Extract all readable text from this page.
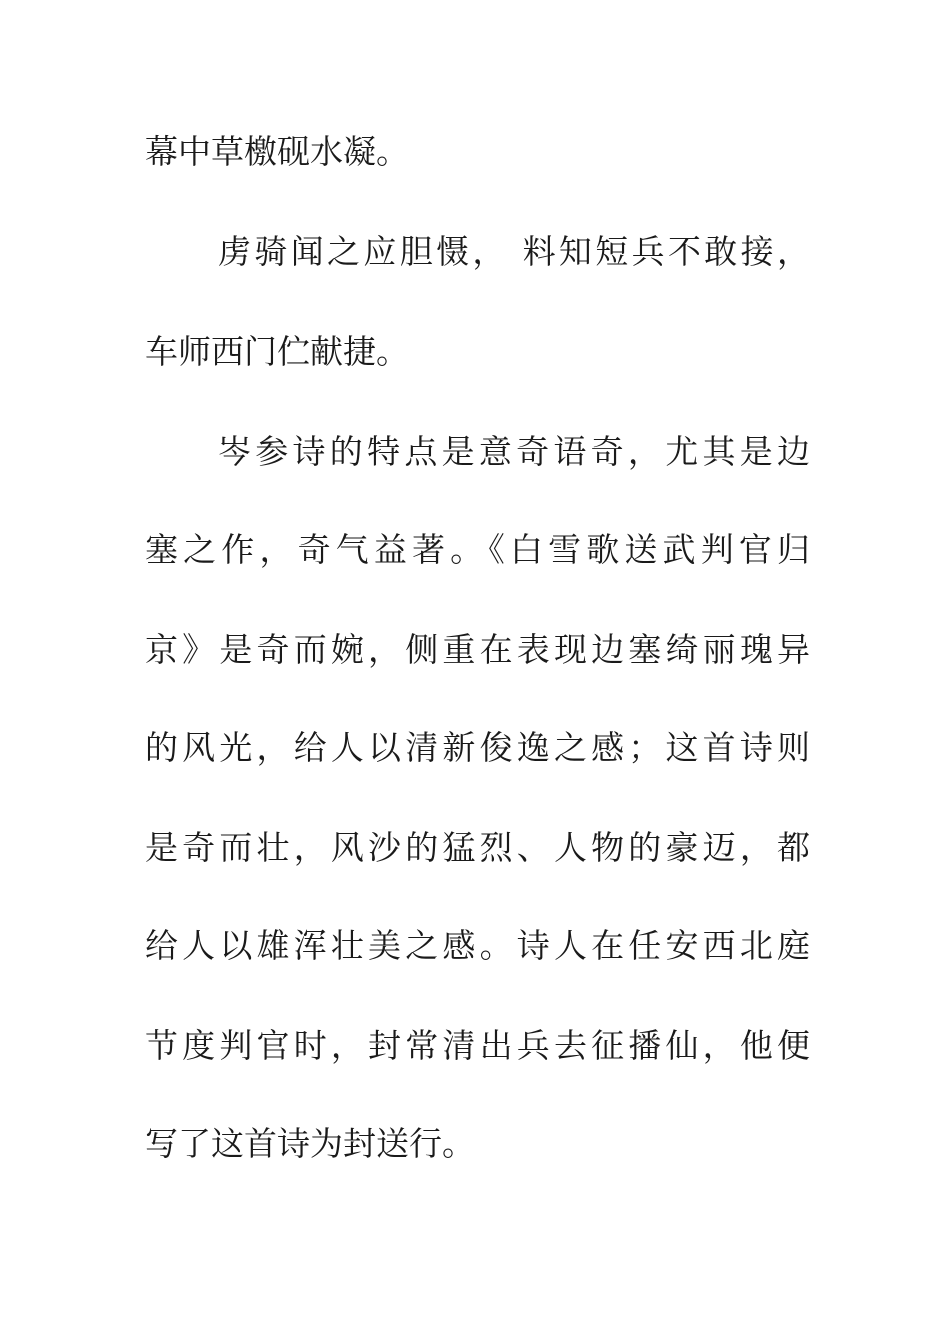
幕中草檄砚水凝。
虏骑闻之应胆慑， 料知短兵不敢接，
车师西门伫献捷。
岑参诗的特点是意奇语奇，尤其是边
塞之作，奇气益著。《白雪歌送武判官归
京》是奇而婉，侧重在表现边塞绮丽瑰异
的风光，给人以清新俊逸之感；这首诗则
是奇而壮，风沙的猛烈、人物的豪迈，都
给人以雄浑壮美之感。诗人在任安西北庭
节度判官时，封常清出兵去征播仙，他便
写了这首诗为封送行。
